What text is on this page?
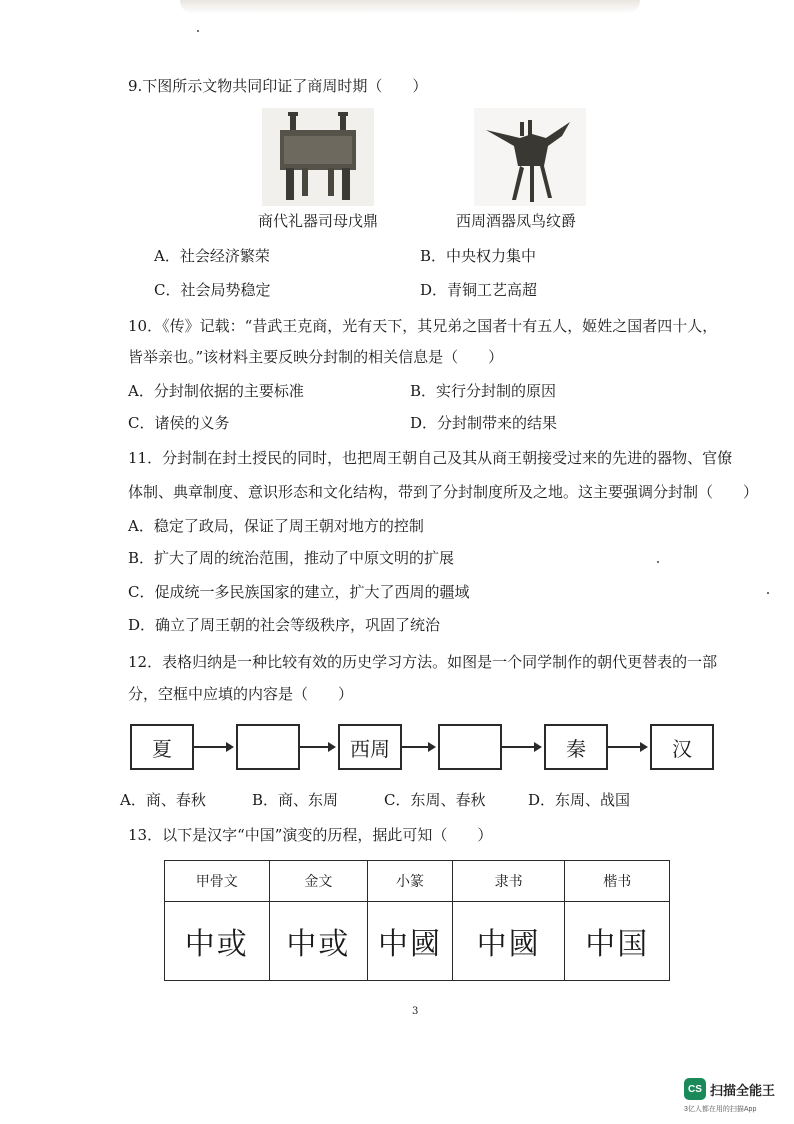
9.下图所示文物共同印证了商周时期（　　）
商代礼器司母戊鼎	西周酒器凤鸟纹爵
A．社会经济繁荣	B．中央权力集中
C．社会局势稳定	D．青铜工艺高超
10．《传》记载：“昔武王克商，光有天下，其兄弟之国者十有五人，姬姓之国者四十人，
皆举亲也。”该材料主要反映分封制的相关信息是（　　）
A．分封制依据的主要标准	B．实行分封制的原因
C．诸侯的义务	D．分封制带来的结果
11．分封制在封土授民的同时，也把周王朝自己及其从商王朝接受过来的先进的器物、官僚
体制、典章制度、意识形态和文化结构，带到了分封制度所及之地。这主要强调分封制（　　）
A．稳定了政局，保证了周王朝对地方的控制
B．扩大了周的统治范围，推动了中原文明的扩展
C．促成统一多民族国家的建立，扩大了西周的疆域
D．确立了周王朝的社会等级秩序，巩固了统治
12．表格归纳是一种比较有效的历史学习方法。如图是一个同学制作的朝代更替表的一部
分，空框中应填的内容是（　　）
夏	西周	秦	汉
A．商、春秋	B．商、东周	C．东周、春秋	D．东周、战国
13．以下是汉字“中国”演变的历程，据此可知（　　）
甲骨文	金文	小篆	隶书	楷书
中或	中或	中國	中國	中国
3
CS 扫描全能王
3亿人都在用的扫描App
